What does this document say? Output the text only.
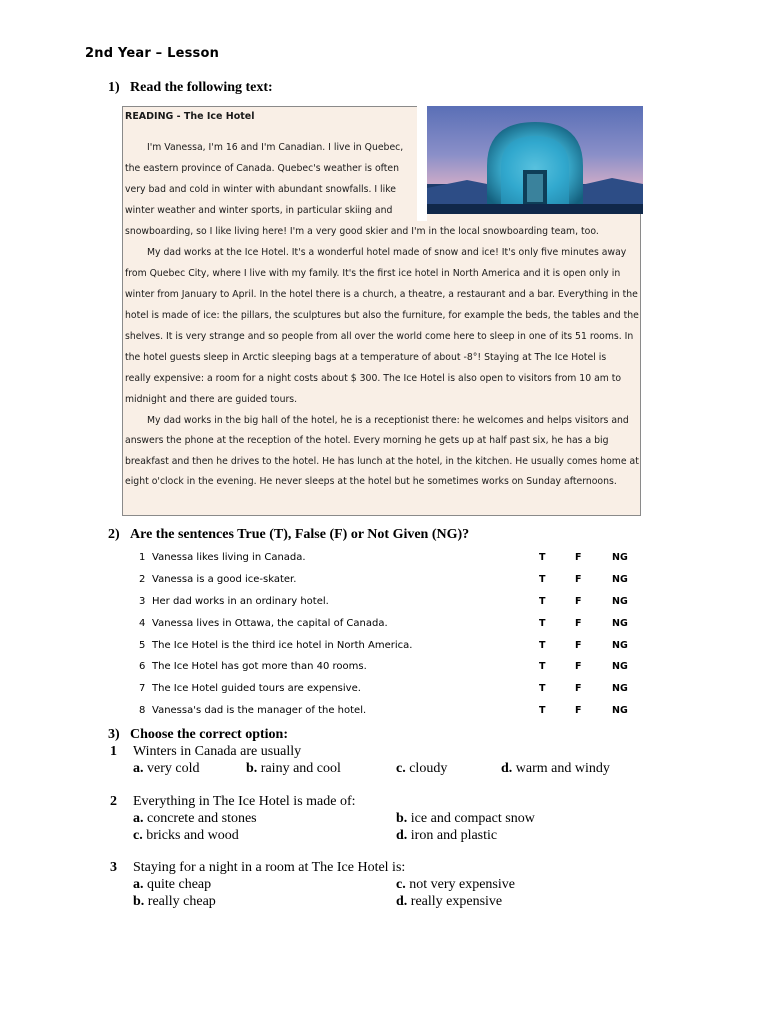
2nd Year – Lesson
1) Read the following text:
READING - The Ice Hotel
I'm Vanessa, I'm 16 and I'm Canadian. I live in Quebec,
the eastern province of Canada. Quebec's weather is often
very bad and cold in winter with abundant snowfalls. I like
winter weather and winter sports, in particular skiing and
snowboarding, so I like living here! I'm a very good skier and I'm in the local snowboarding team, too.
My dad works at the Ice Hotel. It's a wonderful hotel made of snow and ice! It's only five minutes away
from Quebec City, where I live with my family. It's the first ice hotel in North America and it is open only in
winter from January to April. In the hotel there is a church, a theatre, a restaurant and a bar. Everything in the
hotel is made of ice: the pillars, the sculptures but also the furniture, for example the beds, the tables and the
shelves. It is very strange and so people from all over the world come here to sleep in one of its 51 rooms. In
the hotel guests sleep in Arctic sleeping bags at a temperature of about -8°! Staying at The Ice Hotel is
really expensive: a room for a night costs about $ 300. The Ice Hotel is also open to visitors from 10 am to
midnight and there are guided tours.
My dad works in the big hall of the hotel, he is a receptionist there: he welcomes and helps visitors and
answers the phone at the reception of the hotel. Every morning he gets up at half past six, he has a big
breakfast and then he drives to the hotel. He has lunch at the hotel, in the kitchen. He usually comes home at
eight o'clock in the evening. He never sleeps at the hotel but he sometimes works on Sunday afternoons.
2) Are the sentences True (T), False (F) or Not Given (NG)?
1 Vanessa likes living in Canada.	T	F	NG
2 Vanessa is a good ice-skater.	T	F	NG
3 Her dad works in an ordinary hotel.	T	F	NG
4 Vanessa lives in Ottawa, the capital of Canada.	T	F	NG
5 The Ice Hotel is the third ice hotel in North America.	T	F	NG
6 The Ice Hotel has got more than 40 rooms.	T	F	NG
7 The Ice Hotel guided tours are expensive.	T	F	NG
8 Vanessa's dad is the manager of the hotel.	T	F	NG
3) Choose the correct option:
1 Winters in Canada are usually
a. very cold	b. rainy and cool	c. cloudy	d. warm and windy
2 Everything in The Ice Hotel is made of:
a. concrete and stones	b. ice and compact snow
c. bricks and wood	d. iron and plastic
3 Staying for a night in a room at The Ice Hotel is:
a. quite cheap	c. not very expensive
b. really cheap	d. really expensive
